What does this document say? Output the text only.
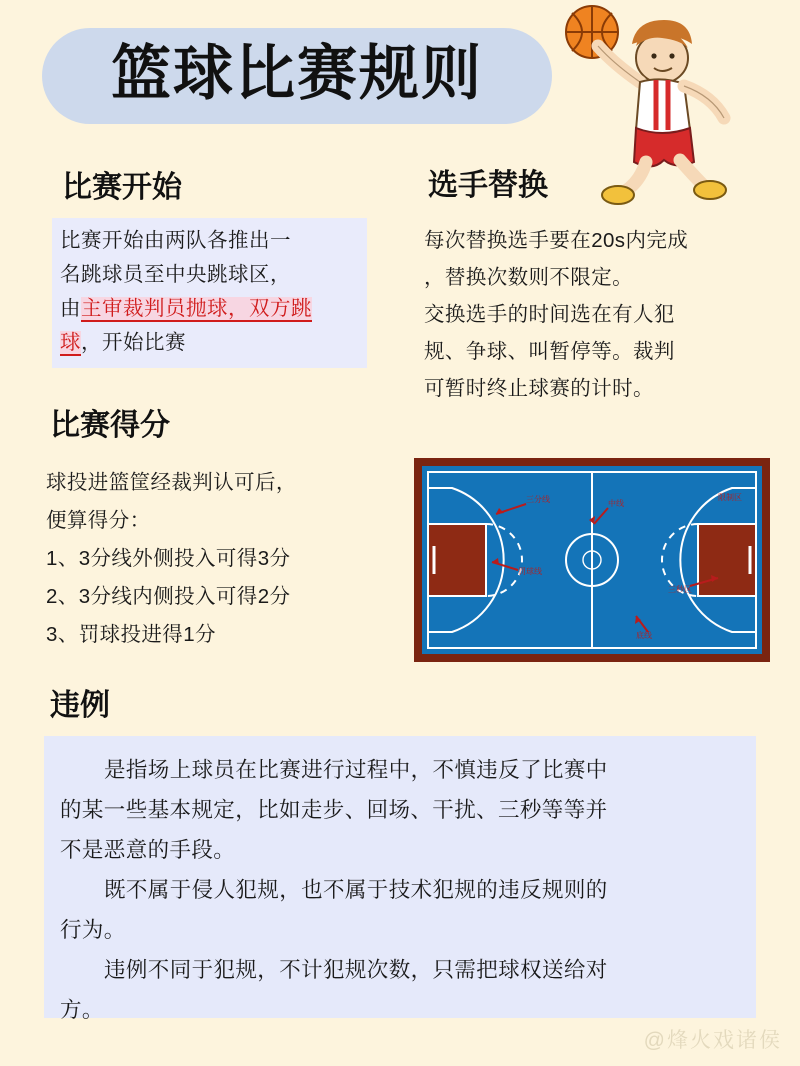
篮球比赛规则
比赛开始	选手替换
比赛得分
违例

比赛开始由两队各推出一

名跳球员至中央跳球区，

由主审裁判员抛球，双方跳

球，开始比赛

每次替换选手要在20s内完成

，替换次数则不限定。

交换选手的时间选在有人犯

规、争球、叫暂停等。裁判

可暂时终止球赛的计时。

球投进篮筐经裁判认可后，

便算得分：

1、3分线外侧投入可得3分

2、3分线内侧投入可得2分

3、罚球投进得1分

三分线
罚球线
中线
三秒区
限制区
底线

是指场上球员在比赛进行过程中，不慎违反了比赛中

的某一些基本规定，比如走步、回场、干扰、三秒等等并

不是恶意的手段。

既不属于侵人犯规，也不属于技术犯规的违反规则的

行为。

违例不同于犯规，不计犯规次数，只需把球权送给对

方。

@烽火戏诸侯
